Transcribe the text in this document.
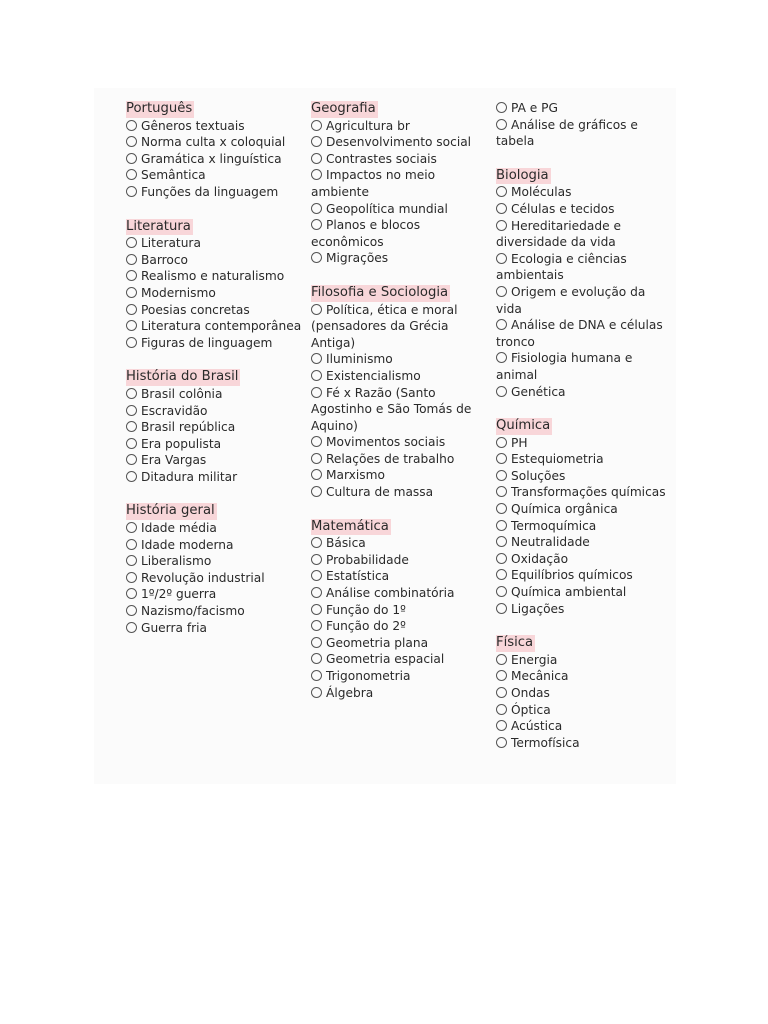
Português
Gêneros textuais
Norma culta x coloquial
Gramática x linguística
Semântica
Funções da linguagem
Literatura
Literatura
Barroco
Realismo e naturalismo
Modernismo
Poesias concretas
Literatura contemporânea
Figuras de linguagem
História do Brasil
Brasil colônia
Escravidão
Brasil república
Era populista
Era Vargas
Ditadura militar
História geral
Idade média
Idade moderna
Liberalismo
Revolução industrial
1º/2º guerra
Nazismo/facismo
Guerra fria
Geografia
Agricultura br
Desenvolvimento social
Contrastes sociais
Impactos no meio ambiente
Geopolítica mundial
Planos e blocos econômicos
Migrações
Filosofia e Sociologia
Política, ética e moral (pensadores da Grécia Antiga)
Iluminismo
Existencialismo
Fé x Razão (Santo Agostinho e São Tomás de Aquino)
Movimentos sociais
Relações de trabalho
Marxismo
Cultura de massa
Matemática
Básica
Probabilidade
Estatística
Análise combinatória
Função do 1º
Função do 2º
Geometria plana
Geometria espacial
Trigonometria
Álgebra
PA e PG
Análise de gráficos e tabela
Biologia
Moléculas
Células e tecidos
Hereditariedade e diversidade da vida
Ecologia e ciências ambientais
Origem e evolução da vida
Análise de DNA e células tronco
Fisiologia humana e animal
Genética
Química
PH
Estequiometria
Soluções
Transformações químicas
Química orgânica
Termoquímica
Neutralidade
Oxidação
Equilíbrios químicos
Química ambiental
Ligações
Física
Energia
Mecânica
Ondas
Óptica
Acústica
Termofísica
